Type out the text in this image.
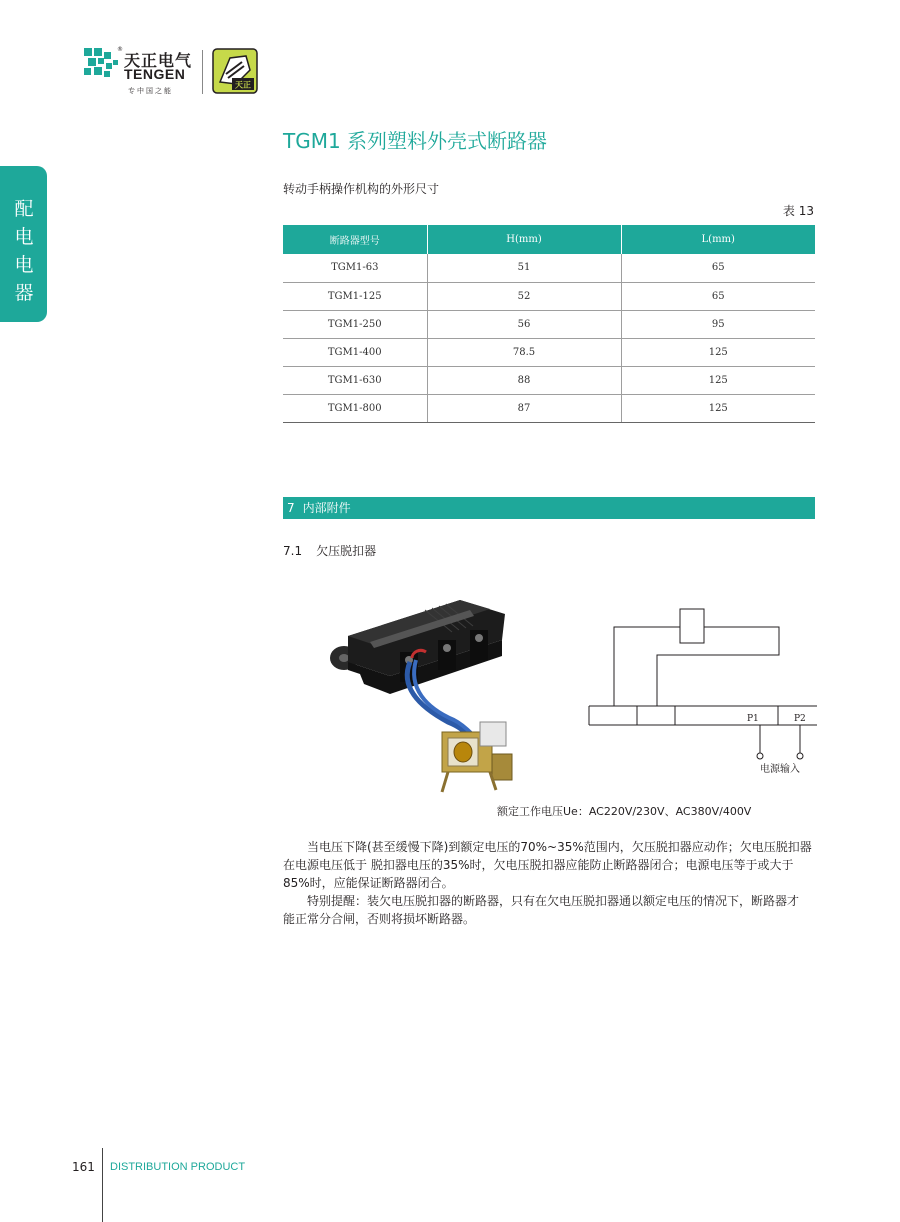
®
天正电气
TENGEN
专中国之能
天正
配
电
电
器
TGM1 系列塑料外壳式断路器
转动手柄操作机构的外形尺寸
表 13
断路器型号	H(mm)	L(mm)
TGM1-63	51	65
TGM1-125	52	65
TGM1-250	56	95
TGM1-400	78.5	125
TGM1-630	88	125
TGM1-800	87	125
7 内部附件
7.1 欠压脱扣器
P1	P2
电源输入
额定工作电压Ue：AC220V/230V、AC380V/400V

当电压下降(甚至缓慢下降)到额定电压的70%~35%范围内，欠压脱扣器应动作；欠电压脱扣器

在电源电压低于 脱扣器电压的35%时，欠电压脱扣器应能防止断路器闭合；电源电压等于或大于

85%时，应能保证断路器闭合。

特别提醒：装欠电压脱扣器的断路器，只有在欠电压脱扣器通以额定电压的情况下，断路器才

能正常分合闸，否则将损坏断路器。

161 DISTRIBUTION PRODUCT
